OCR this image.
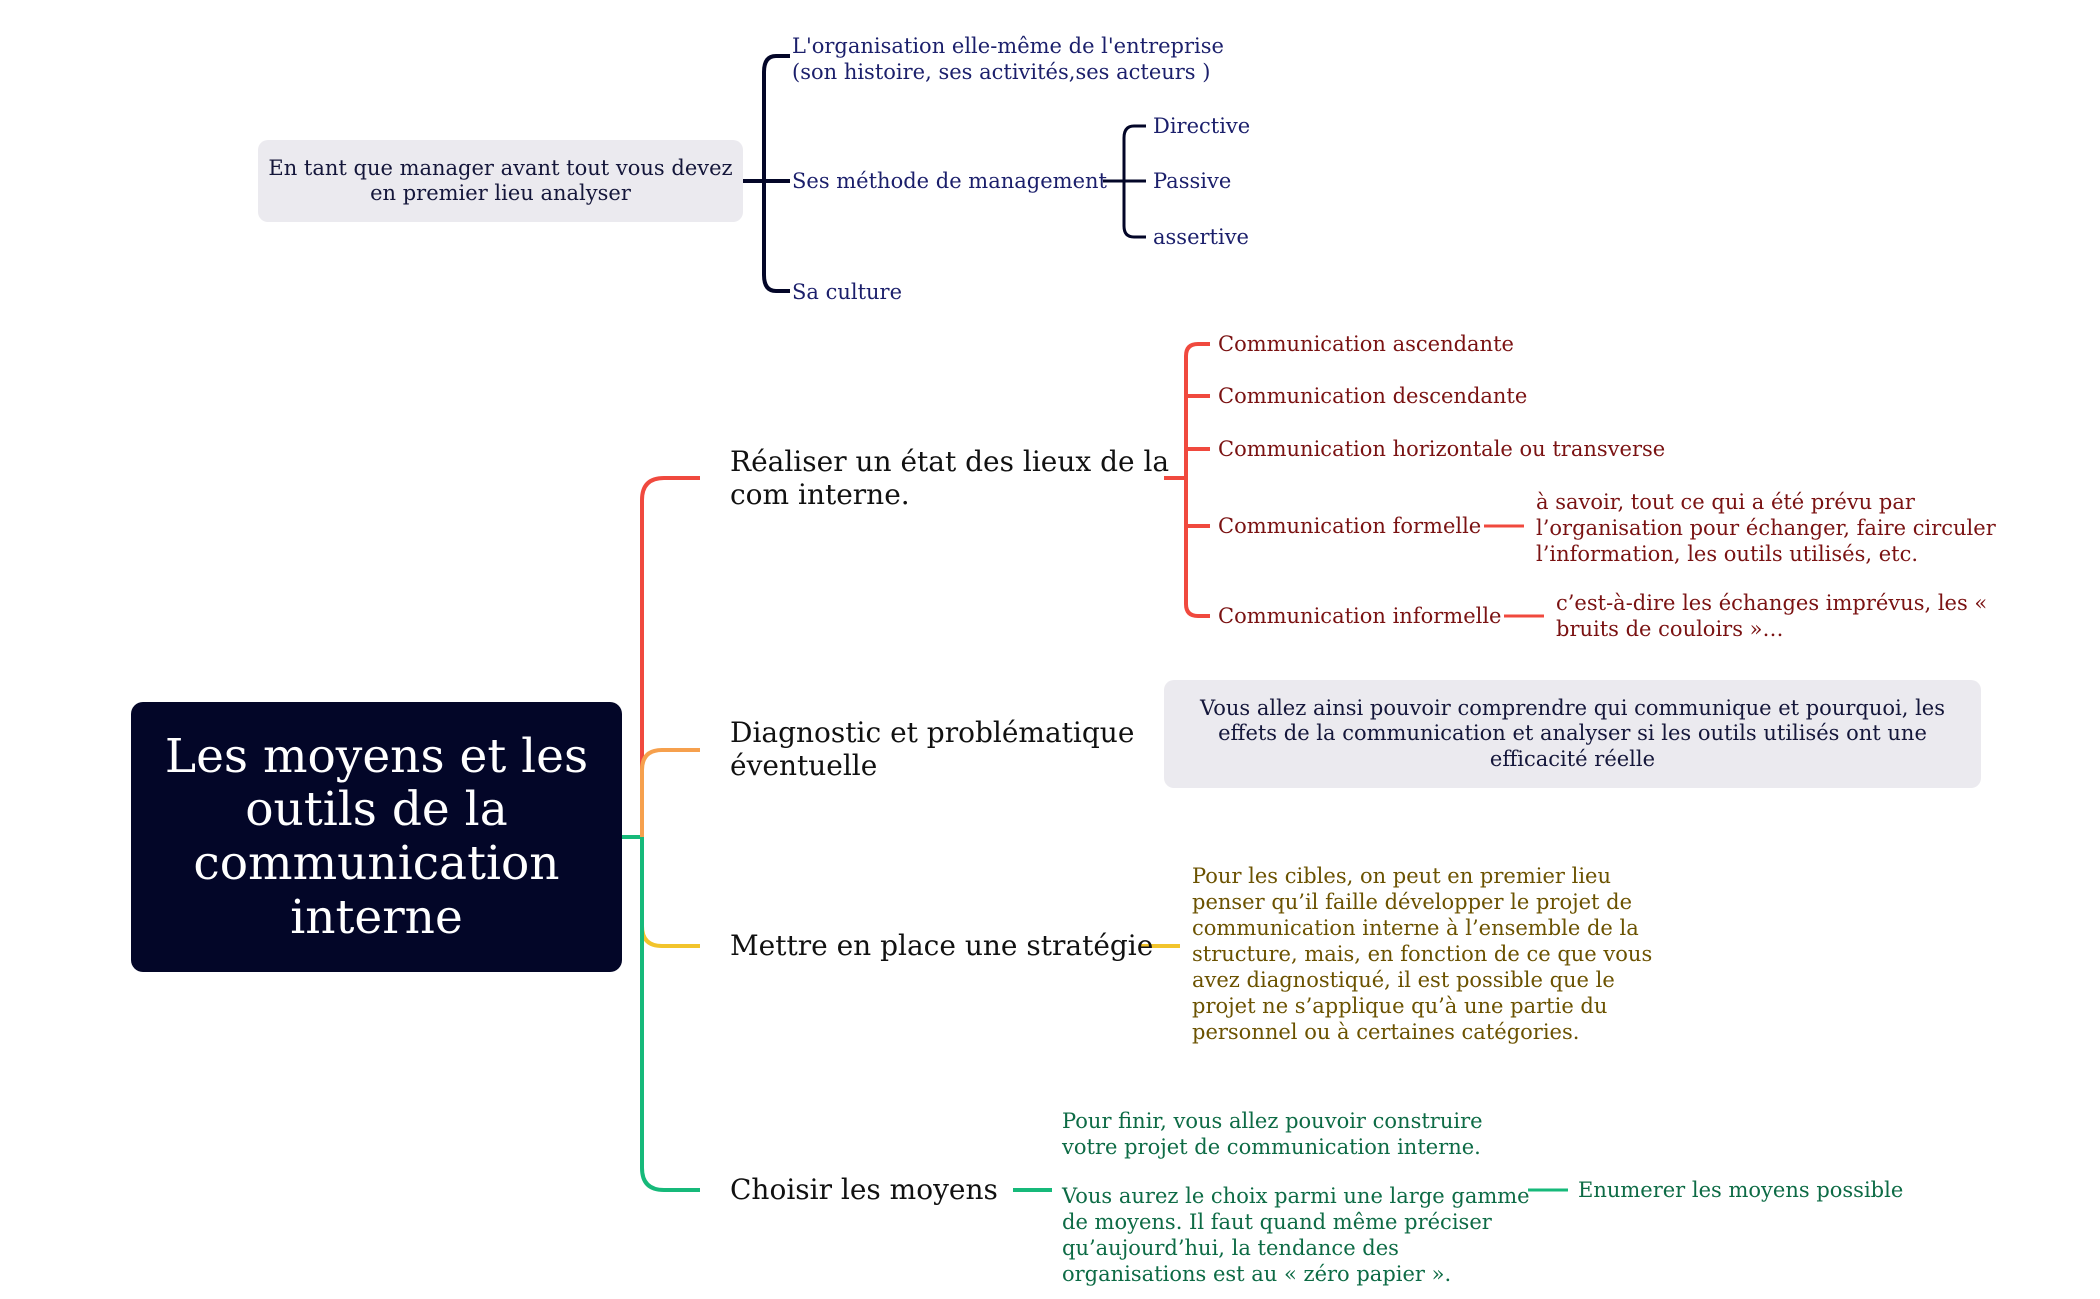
Les moyens et les
outils de la
communication
interne
En tant que manager avant tout vous devez
en premier lieu analyser
L'organisation elle-même de l'entreprise
(son histoire, ses activités,ses acteurs )
Ses méthode de management
Sa culture
Directive
Passive
assertive
Réaliser un état des lieux de la
com interne.
Communication ascendante
Communication descendante
Communication horizontale ou transverse
Communication formelle
Communication informelle
à savoir, tout ce qui a été prévu par
l’organisation pour échanger, faire circuler
l’information, les outils utilisés, etc.
c’est-à-dire les échanges imprévus, les «
bruits de couloirs »…
Diagnostic et problématique
éventuelle
Vous allez ainsi pouvoir comprendre qui communique et pourquoi, les
effets de la communication et analyser si les outils utilisés ont une
efficacité réelle
Mettre en place une stratégie
Pour les cibles, on peut en premier lieu
penser qu’il faille développer le projet de
communication interne à l’ensemble de la
structure, mais, en fonction de ce que vous
avez diagnostiqué, il est possible que le
projet ne s’applique qu’à une partie du
personnel ou à certaines catégories.
Choisir les moyens
Pour finir, vous allez pouvoir construire
votre projet de communication interne.
Vous aurez le choix parmi une large gamme
de moyens. Il faut quand même préciser
qu’aujourd’hui, la tendance des
organisations est au « zéro papier ».
Enumerer les moyens possible
